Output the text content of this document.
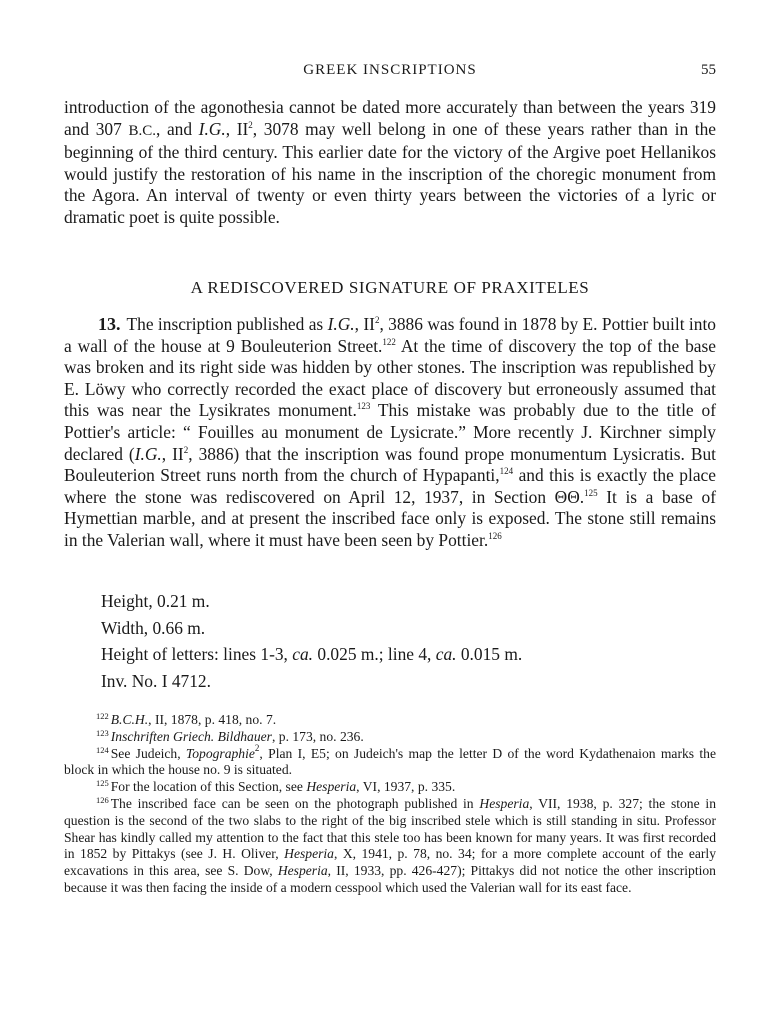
GREEK INSCRIPTIONS	55
introduction of the agonothesia cannot be dated more accurately than between the years 319 and 307 B.C., and I.G., $II^2$, 3078 may well belong in one of these years rather than in the beginning of the third century. This earlier date for the victory of the Argive poet Hellanikos would justify the restoration of his name in the inscription of the choregic monument from the Agora. An interval of twenty or even thirty years between the victories of a lyric or dramatic poet is quite possible.
A REDISCOVERED SIGNATURE OF PRAXITELES
13. The inscription published as I.G., $II^2$, 3886 was found in 1878 by E. Pottier built into a wall of the house at 9 Bouleuterion Street.$^{122}$ At the time of discovery the top of the base was broken and its right side was hidden by other stones. The inscription was republished by E. Löwy who correctly recorded the exact place of discovery but erroneously assumed that this was near the Lysikrates monument.$^{123}$ This mistake was probably due to the title of Pottier's article: “ Fouilles au monument de Lysicrate.” More recently J. Kirchner simply declared (I.G., $II^2$, 3886) that the inscription was found prope monumentum Lysicratis. But Bouleuterion Street runs north from the church of Hypapanti,$^{124}$ and this is exactly the place where the stone was rediscovered on April 12, 1937, in Section ΘΘ.$^{125}$ It is a base of Hymettian marble, and at present the inscribed face only is exposed. The stone still remains in the Valerian wall, where it must have been seen by Pottier.$^{126}$
Height, 0.21 m.
Width, 0.66 m.
Height of letters: lines 1-3, ca. 0.025 m.; line 4, ca. 0.015 m.
Inv. No. I 4712.
$^{122}$ B.C.H., II, 1878, p. 418, no. 7.
$^{123}$ Inschriften Griech. Bildhauer, p. 173, no. 236.
$^{124}$ See Judeich, Topographie$^2$, Plan I, E5; on Judeich's map the letter D of the word Kydathenaion marks the block in which the house no. 9 is situated.
$^{125}$ For the location of this Section, see Hesperia, VI, 1937, p. 335.
$^{126}$ The inscribed face can be seen on the photograph published in Hesperia, VII, 1938, p. 327; the stone in question is the second of the two slabs to the right of the big inscribed stele which is still standing in situ. Professor Shear has kindly called my attention to the fact that this stele too has been known for many years. It was first recorded in 1852 by Pittakys (see J. H. Oliver, Hesperia, X, 1941, p. 78, no. 34; for a more complete account of the early excavations in this area, see S. Dow, Hesperia, II, 1933, pp. 426-427); Pittakys did not notice the other inscription because it was then facing the inside of a modern cesspool which used the Valerian wall for its east face.
